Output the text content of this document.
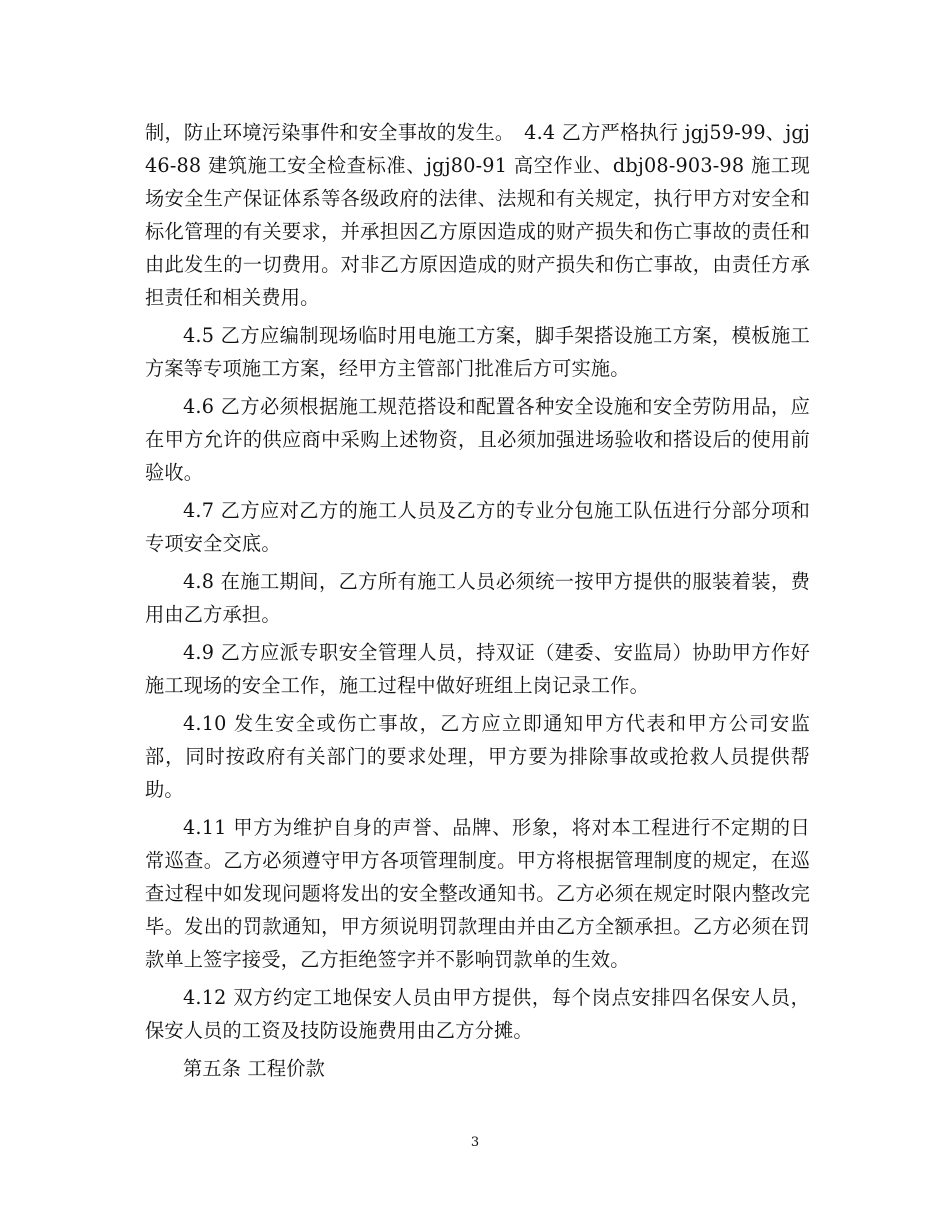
制，防止环境污染事件和安全事故的发生。　4.4 乙方严格执行 jgj59-99、jgj46-88 建筑施工安全检查标准、jgj80-91 高空作业、dbj08-903-98 施工现场安全生产保证体系等各级政府的法律、法规和有关规定，执行甲方对安全和标化管理的有关要求，并承担因乙方原因造成的财产损失和伤亡事故的责任和由此发生的一切费用。对非乙方原因造成的财产损失和伤亡事故，由责任方承担责任和相关费用。

4.5 乙方应编制现场临时用电施工方案，脚手架搭设施工方案，模板施工方案等专项施工方案，经甲方主管部门批准后方可实施。

4.6 乙方必须根据施工规范搭设和配置各种安全设施和安全劳防用品，应在甲方允许的供应商中采购上述物资，且必须加强进场验收和搭设后的使用前验收。

4.7 乙方应对乙方的施工人员及乙方的专业分包施工队伍进行分部分项和专项安全交底。

4.8 在施工期间，乙方所有施工人员必须统一按甲方提供的服装着装，费用由乙方承担。

4.9 乙方应派专职安全管理人员，持双证（建委、安监局）协助甲方作好施工现场的安全工作，施工过程中做好班组上岗记录工作。

4.10 发生安全或伤亡事故，乙方应立即通知甲方代表和甲方公司安监部，同时按政府有关部门的要求处理，甲方要为排除事故或抢救人员提供帮助。

4.11 甲方为维护自身的声誉、品牌、形象，将对本工程进行不定期的日常巡查。乙方必须遵守甲方各项管理制度。甲方将根据管理制度的规定，在巡查过程中如发现问题将发出的安全整改通知书。乙方必须在规定时限内整改完毕。发出的罚款通知，甲方须说明罚款理由并由乙方全额承担。乙方必须在罚款单上签字接受，乙方拒绝签字并不影响罚款单的生效。

4.12 双方约定工地保安人员由甲方提供，每个岗点安排四名保安人员，保安人员的工资及技防设施费用由乙方分摊。

第五条 工程价款

3
